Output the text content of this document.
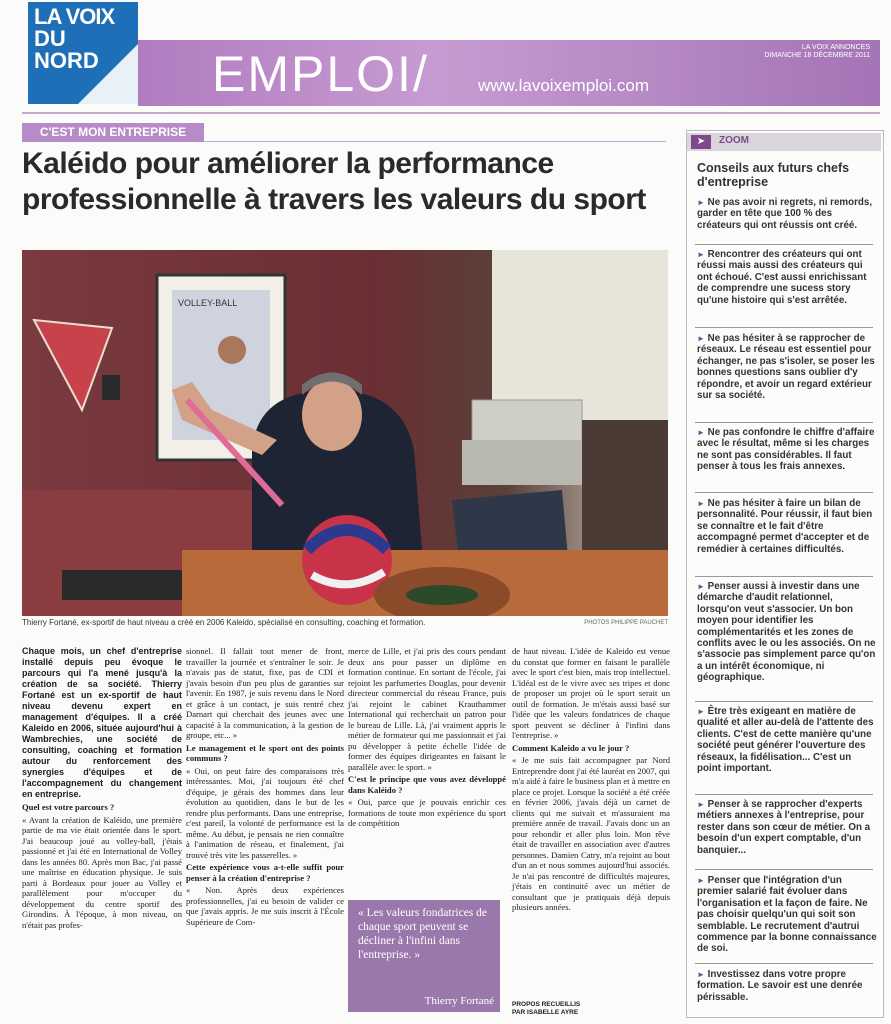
LA VOIX
DU
NORD EMPLOI/	www.lavoixemploi.com
LA VOIX ANNONCES
DIMANCHE 18 DÉCEMBRE 2011
C'EST MON ENTREPRISE
Kaléido pour améliorer la performance professionnelle à travers les valeurs du sport
VOLLEY-BALL
Thierry Fortané, ex-sportif de haut niveau a créé en 2006 Kaleido, spécialisé en consulting, coaching et formation.	PHOTOS PHILIPPE PAUCHET

Chaque mois, un chef d'entreprise installé depuis peu évoque le parcours qui l'a mené jusqu'à la création de sa société. Thierry Fortané est un ex-sportif de haut niveau devenu expert en management d'équipes. Il a créé Kaleido en 2006, située aujourd'hui à Wambrechies, une société de consulting, coaching et formation autour du renforcement des synergies d'équipes et de l'accompagnement du changement en entreprise.

Quel est votre parcours ?

« Avant la création de Kaléido, une première partie de ma vie était orientée dans le sport. J'ai beaucoup joué au volley-ball, j'étais passionné et j'ai été en International de Volley dans les années 80. Après mon Bac, j'ai passé une maîtrise en éducation physique. Je suis parti à Bordeaux pour jouer au Volley et parallèlement pour m'occuper du développement du centre sportif des Girondins. À l'époque, à mon niveau, on n'était pas profes-

sionnel. Il fallait tout mener de front, travailler la journée et s'entraîner le soir. Je n'avais pas de statut, fixe, pas de CDI et j'avais besoin d'un peu plus de garanties sur l'avenir. En 1987, je suis revenu dans le Nord et grâce à un contact, je suis rentré chez Darnart qui cherchait des jeunes avec une capacité à la communication, à la gestion de groupe, etc... »

Le management et le sport ont des points communs ?

« Oui, on peut faire des comparaisons très intéressantes. Moi, j'ai toujours été chef d'équipe, je gérais des hommes dans leur évolution au quotidien, dans le but de les rendre plus performants. Dans une entreprise, c'est pareil, la volonté de performance est la même. Au début, je pensais ne rien connaître à l'animation de réseau, et finalement, j'ai trouvé très vite les passerelles. »

Cette expérience vous a-t-elle suffit pour penser à la création d'entreprise ?

« Non. Après deux expériences professionnelles, j'ai eu besoin de valider ce que j'avais appris. Je me suis inscrit à l'École Supérieure de Com-

merce de Lille, et j'ai pris des cours pendant deux ans pour passer un diplôme en formation continue. En sortant de l'école, j'ai rejoint les parfumeries Douglas, pour devenir directeur commercial du réseau France, puis j'ai rejoint le cabinet Krauthammer International qui recherchait un patron pour le bureau de Lille. Là, j'ai vraiment appris le métier de formateur qui me passionnait et j'ai pu développer à petite échelle l'idée de former des équipes dirigeantes en faisant le parallèle avec le sport. »

C'est le principe que vous avez développé dans Kaléido ?

« Oui, parce que je pouvais enrichir ces formations de toute mon expérience du sport de compétition

« Les valeurs fondatrices de chaque sport peuvent se décliner à l'infini dans l'entreprise. »
Thierry Fortané

de haut niveau. L'idée de Kaleido est venue du constat que former en faisant le parallèle avec le sport c'est bien, mais trop intellectuel. L'idéal est de le vivre avec ses tripes et donc de proposer un projet où le sport serait un outil de formation. Je m'étais aussi basé sur l'idée que les valeurs fondatrices de chaque sport peuvent se décliner à l'infini dans l'entreprise. »

Comment Kaleido a vu le jour ?

« Je me suis fait accompagner par Nord Entreprendre dont j'ai été lauréat en 2007, qui m'a aidé à faire le business plan et à mettre en place ce projet. Lorsque la société a été créée en février 2006, j'avais déjà un carnet de clients qui me suivait et m'assuraient ma première année de travail. J'avais donc un an pour rebondir et aller plus loin. Mon rêve était de travailler en association avec d'autres personnes. Damien Catry, m'a rejoint au bout d'un an et nous sommes aujourd'hui associés. Je n'ai pas rencontré de difficultés majeures, j'étais en continuité avec un métier de consultant que je pratiquais déjà depuis plusieurs années.

PROPOS RECUEILLIS
PAR ISABELLE AYRE
➤	ZOOM
Conseils aux futurs chefs d'entreprise
► Ne pas avoir ni regrets, ni remords, garder en tête que 100 % des créateurs qui ont réussis ont créé.
► Rencontrer des créateurs qui ont réussi mais aussi des créateurs qui ont échoué. C'est aussi enrichissant de comprendre une sucess story qu'une histoire qui s'est arrêtée.
► Ne pas hésiter à se rapprocher de réseaux. Le réseau est essentiel pour échanger, ne pas s'isoler, se poser les bonnes questions sans oublier d'y répondre, et avoir un regard extérieur sur sa société.
► Ne pas confondre le chiffre d'affaire avec le résultat, même si les charges ne sont pas considérables. Il faut penser à tous les frais annexes.
► Ne pas hésiter à faire un bilan de personnalité. Pour réussir, il faut bien se connaître et le fait d'être accompagné permet d'accepter et de remédier à certaines difficultés.
► Penser aussi à investir dans une démarche d'audit relationnel, lorsqu'on veut s'associer. Un bon moyen pour identifier les complémentarités et les zones de conflits avec le ou les associés. On ne s'associe pas simplement parce qu'on a un intérêt économique, ni géographique.
► Être très exigeant en matière de qualité et aller au-delà de l'attente des clients. C'est de cette manière qu'une société peut générer l'ouverture des réseaux, la fidélisation... C'est un point important.
► Penser à se rapprocher d'experts métiers annexes à l'entreprise, pour rester dans son cœur de métier. On a besoin d'un expert comptable, d'un banquier...
► Penser que l'intégration d'un premier salarié fait évoluer dans l'organisation et la façon de faire. Ne pas choisir quelqu'un qui soit son semblable. Le recrutement d'autrui commence par la bonne connaissance de soi.
► Investissez dans votre propre formation. Le savoir est une denrée périssable.
